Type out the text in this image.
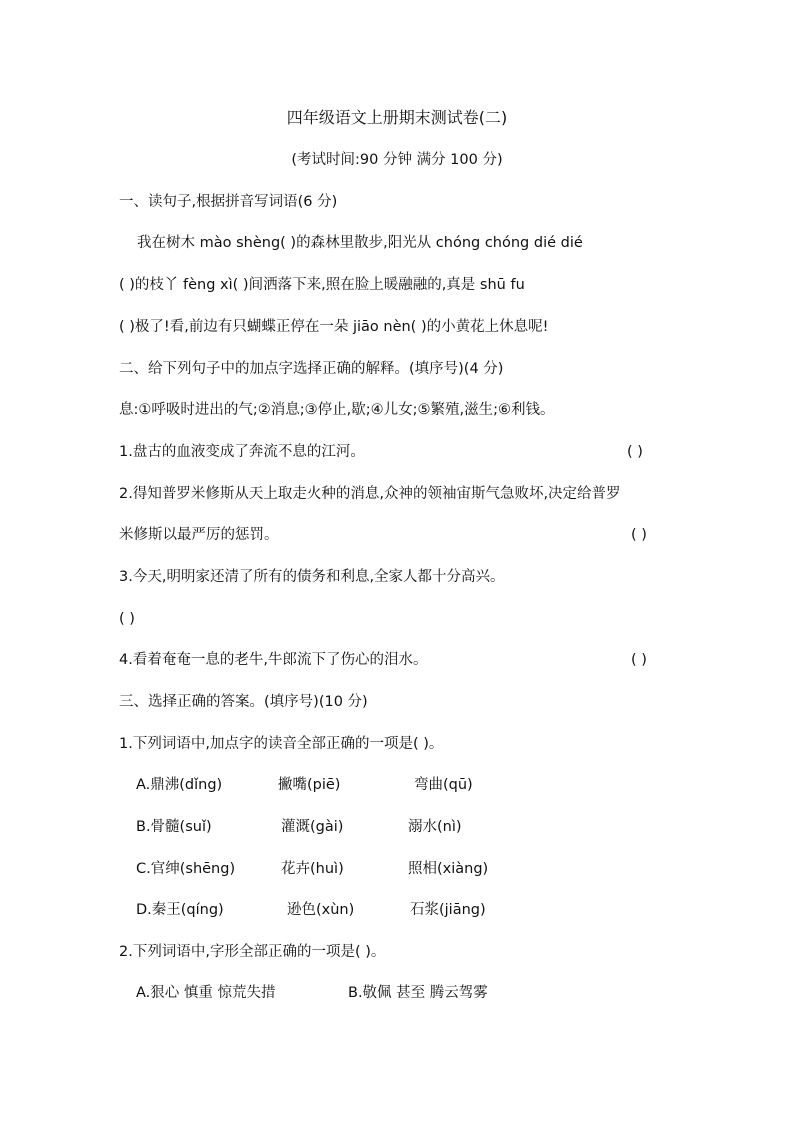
四年级语文上册期末测试卷(二)
(考试时间:90 分钟 满分 100 分)
一、读句子,根据拼音写词语(6 分)
我在树木 mào shèng( )的森林里散步,阳光从 chóng chóng dié dié
( )的枝丫 fèng xì( )间洒落下来,照在脸上暖融融的,真是 shū fu
( )极了!看,前边有只蝴蝶正停在一朵 jiāo nèn( )的小黄花上休息呢!
二、给下列句子中的加点字选择正确的解释。(填序号)(4 分)
息:①呼吸时进出的气;②消息;③停止,歇;④儿女;⑤繁殖,滋生;⑥利钱。
1.盘古的血液变成了奔流不息的江河。	( )
2.得知普罗米修斯从天上取走火种的消息,众神的领袖宙斯气急败坏,决定给普罗
米修斯以最严厉的惩罚。	( )
3.今天,明明家还清了所有的债务和利息,全家人都十分高兴。
( )
4.看着奄奄一息的老牛,牛郎流下了伤心的泪水。	( )
三、选择正确的答案。(填序号)(10 分)
1.下列词语中,加点字的读音全部正确的一项是( )。
A.鼎沸(dǐng)	撇嘴(piē)	弯曲(qū)
B.骨髓(suǐ)	灌溉(gài)	溺水(nì)
C.官绅(shēng)	花卉(huì)	照相(xiàng)
D.秦王(qíng)	逊色(xùn)	石浆(jiāng)
2.下列词语中,字形全部正确的一项是( )。
A.狠心 慎重 惊荒失措	B.敬佩 甚至 腾云驾雾
